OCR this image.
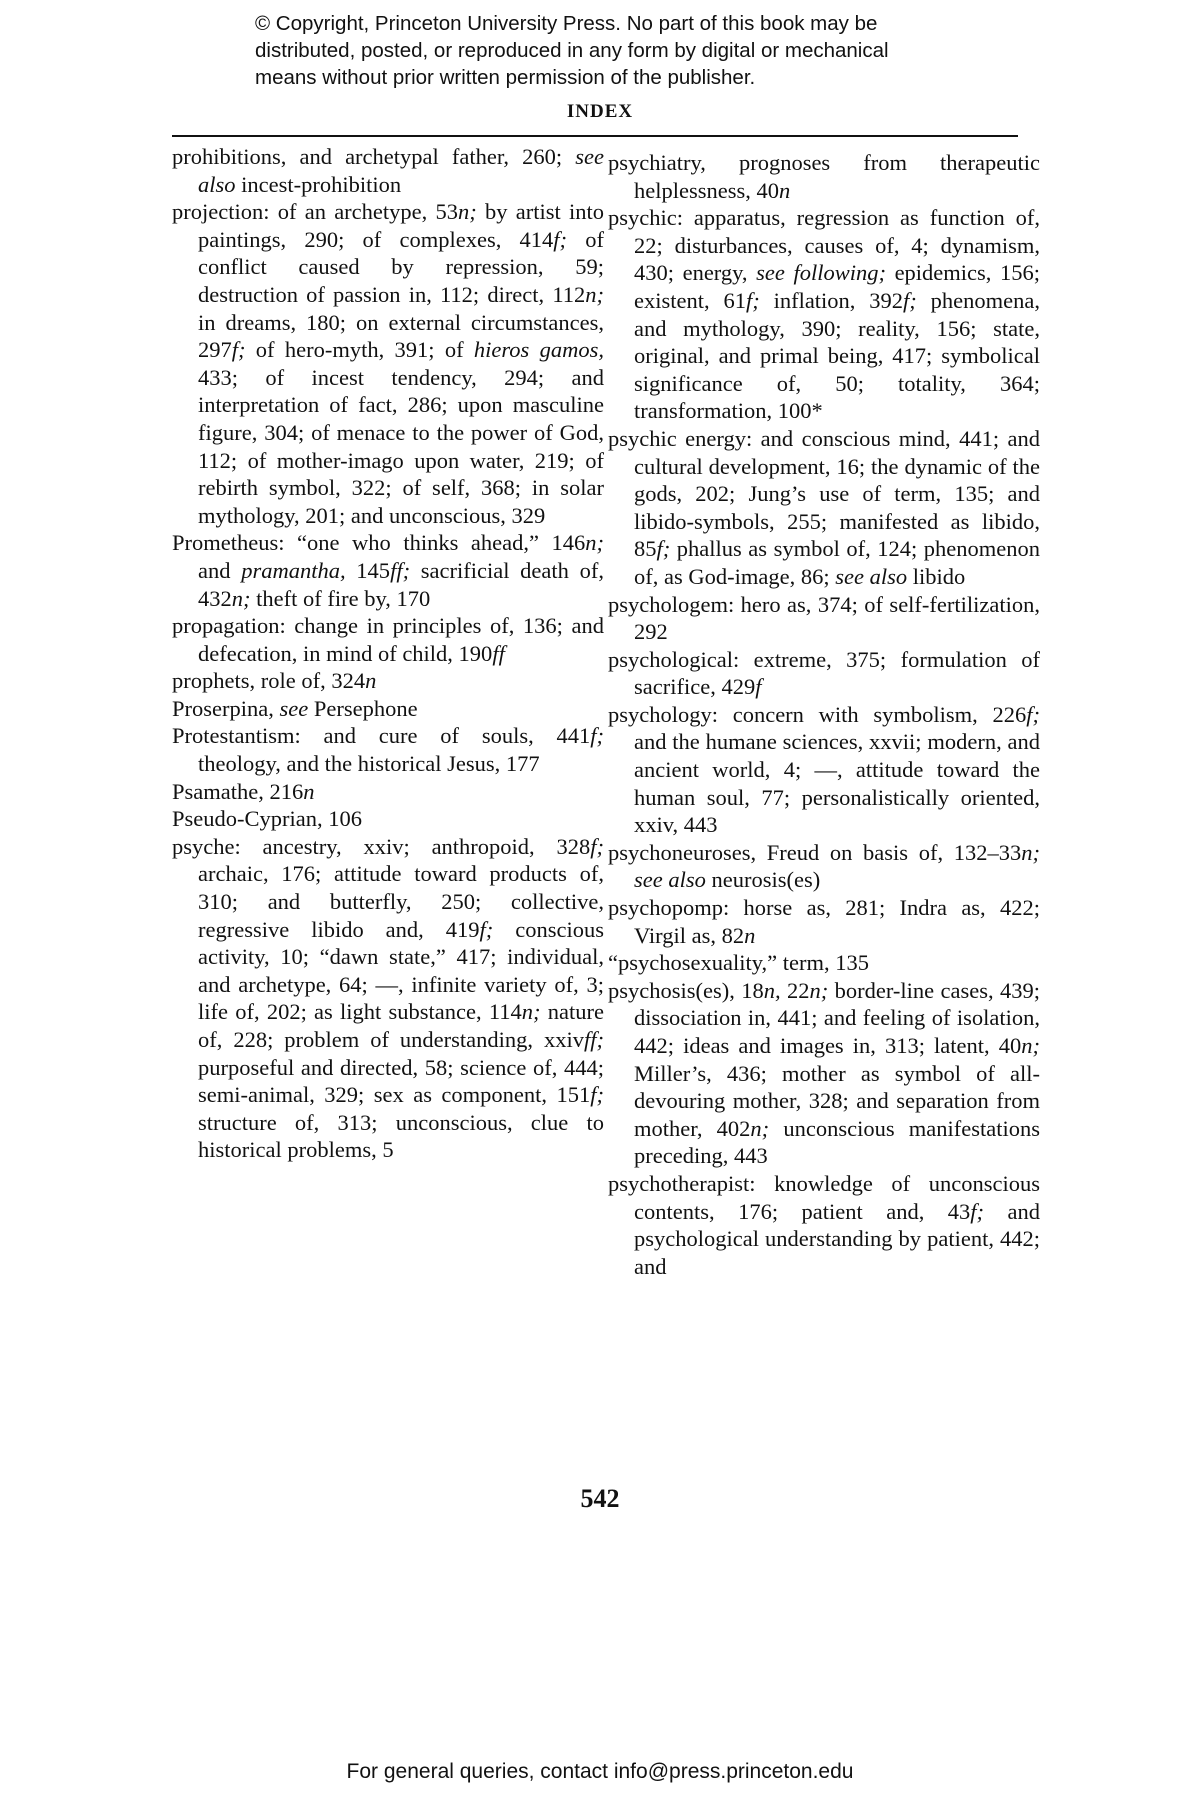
© Copyright, Princeton University Press. No part of this book may be
distributed, posted, or reproduced in any form by digital or mechanical
means without prior written permission of the publisher.
INDEX
prohibitions, and archetypal father, 260; see also incest-prohibition
projection: of an archetype, 53n; by artist into paintings, 290; of complexes, 414f; of conflict caused by repression, 59; destruction of passion in, 112; direct, 112n; in dreams, 180; on external circumstances, 297f; of hero-myth, 391; of hieros gamos, 433; of incest tendency, 294; and interpretation of fact, 286; upon masculine figure, 304; of menace to the power of God, 112; of mother-imago upon water, 219; of rebirth symbol, 322; of self, 368; in solar mythology, 201; and unconscious, 329
Prometheus: “one who thinks ahead,” 146n; and pramantha, 145ff; sacrificial death of, 432n; theft of fire by, 170
propagation: change in principles of, 136; and defecation, in mind of child, 190ff
prophets, role of, 324n
Proserpina, see Persephone
Protestantism: and cure of souls, 441f; theology, and the historical Jesus, 177
Psamathe, 216n
Pseudo-Cyprian, 106
psyche: ancestry, xxiv; anthropoid, 328f; archaic, 176; attitude toward products of, 310; and butterfly, 250; collective, regressive libido and, 419f; conscious activity, 10; “dawn state,” 417; individual, and archetype, 64; —, infinite variety of, 3; life of, 202; as light substance, 114n; nature of, 228; problem of understanding, xxivff; purposeful and directed, 58; science of, 444; semi-animal, 329; sex as component, 151f; structure of, 313; unconscious, clue to historical problems, 5
psychiatry, prognoses from therapeutic helplessness, 40n
psychic: apparatus, regression as function of, 22; disturbances, causes of, 4; dynamism, 430; energy, see following; epidemics, 156; existent, 61f; inflation, 392f; phenomena, and mythology, 390; reality, 156; state, original, and primal being, 417; symbolical significance of, 50; totality, 364; transformation, 100*
psychic energy: and conscious mind, 441; and cultural development, 16; the dynamic of the gods, 202; Jung’s use of term, 135; and libido-symbols, 255; manifested as libido, 85f; phallus as symbol of, 124; phenomenon of, as God-image, 86; see also libido
psychologem: hero as, 374; of self-fertilization, 292
psychological: extreme, 375; formulation of sacrifice, 429f
psychology: concern with symbolism, 226f; and the humane sciences, xxvii; modern, and ancient world, 4; —, attitude toward the human soul, 77; personalistically oriented, xxiv, 443
psychoneuroses, Freud on basis of, 132–33n; see also neurosis(es)
psychopomp: horse as, 281; Indra as, 422; Virgil as, 82n
“psychosexuality,” term, 135
psychosis(es), 18n, 22n; border-line cases, 439; dissociation in, 441; and feeling of isolation, 442; ideas and images in, 313; latent, 40n; Miller’s, 436; mother as symbol of all-devouring mother, 328; and separation from mother, 402n; unconscious manifestations preceding, 443
psychotherapist: knowledge of unconscious contents, 176; patient and, 43f; and psychological understanding by patient, 442; and
542
For general queries, contact info@press.princeton.edu
